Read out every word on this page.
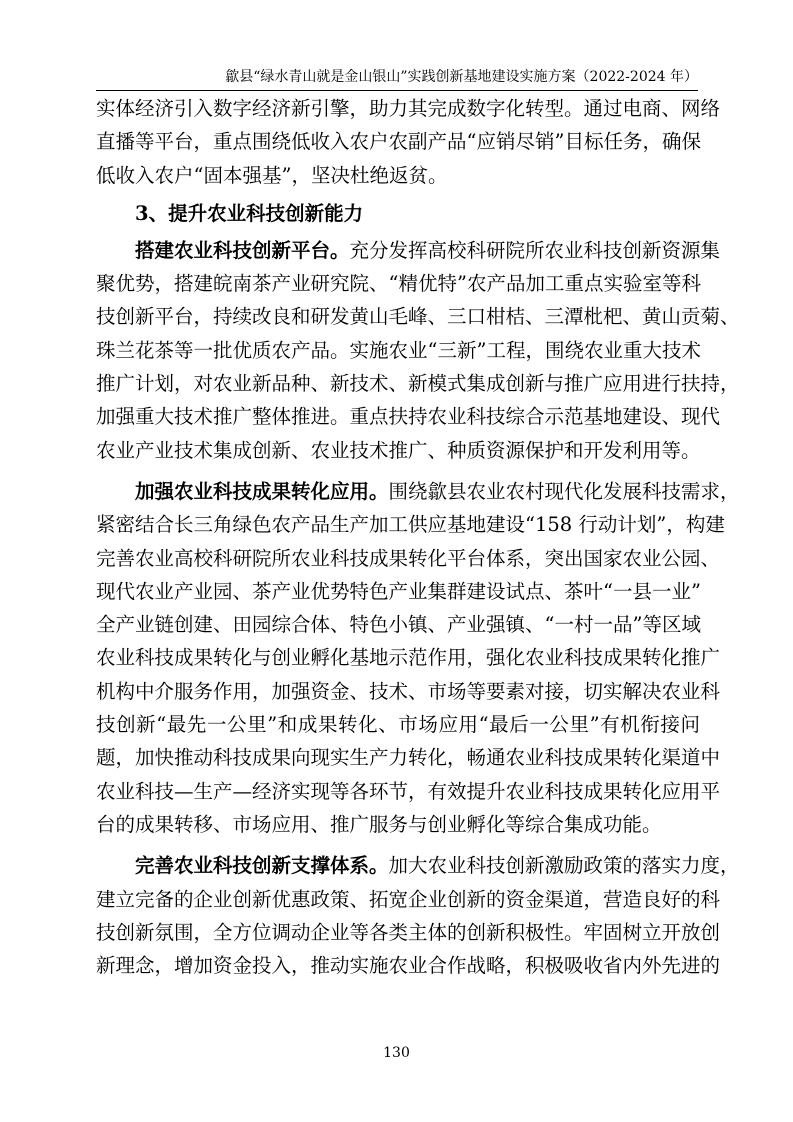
歙县“绿水青山就是金山银山”实践创新基地建设实施方案（2022-2024 年）
实体经济引入数字经济新引擎，助力其完成数字化转型。通过电商、网络
直播等平台，重点围绕低收入农户农副产品“应销尽销”目标任务，确保
低收入农户“固本强基”，坚决杜绝返贫。
3、提升农业科技创新能力
搭建农业科技创新平台。充分发挥高校科研院所农业科技创新资源集
聚优势，搭建皖南茶产业研究院、“精优特”农产品加工重点实验室等科
技创新平台，持续改良和研发黄山毛峰、三口柑桔、三潭枇杷、黄山贡菊、
珠兰花茶等一批优质农产品。实施农业“三新”工程，围绕农业重大技术
推广计划，对农业新品种、新技术、新模式集成创新与推广应用进行扶持，
加强重大技术推广整体推进。重点扶持农业科技综合示范基地建设、现代
农业产业技术集成创新、农业技术推广、种质资源保护和开发利用等。
加强农业科技成果转化应用。围绕歙县农业农村现代化发展科技需求，
紧密结合长三角绿色农产品生产加工供应基地建设“158 行动计划”，构建
完善农业高校科研院所农业科技成果转化平台体系，突出国家农业公园、
现代农业产业园、茶产业优势特色产业集群建设试点、茶叶“一县一业”
全产业链创建、田园综合体、特色小镇、产业强镇、“一村一品”等区域
农业科技成果转化与创业孵化基地示范作用，强化农业科技成果转化推广
机构中介服务作用，加强资金、技术、市场等要素对接，切实解决农业科
技创新“最先一公里”和成果转化、市场应用“最后一公里”有机衔接问
题，加快推动科技成果向现实生产力转化，畅通农业科技成果转化渠道中
农业科技—生产—经济实现等各环节，有效提升农业科技成果转化应用平
台的成果转移、市场应用、推广服务与创业孵化等综合集成功能。
完善农业科技创新支撑体系。加大农业科技创新激励政策的落实力度，
建立完备的企业创新优惠政策、拓宽企业创新的资金渠道，营造良好的科
技创新氛围，全方位调动企业等各类主体的创新积极性。牢固树立开放创
新理念，增加资金投入，推动实施农业合作战略，积极吸收省内外先进的
130
